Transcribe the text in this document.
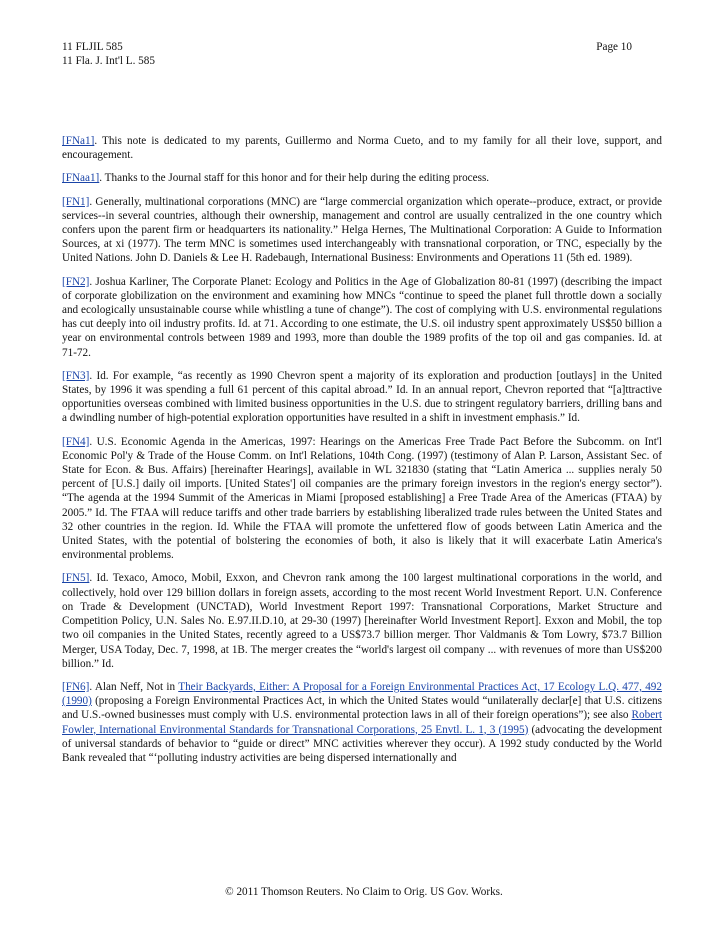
11 FLJIL 585
11 Fla. J. Int'l L. 585
Page 10

[FNa1]. This note is dedicated to my parents, Guillermo and Norma Cueto, and to my family for all their love, support, and encouragement.

[FNaa1]. Thanks to the Journal staff for this honor and for their help during the editing process.

[FN1]. Generally, multinational corporations (MNC) are “large commercial organization which operate--produce, extract, or provide services--in several countries, although their ownership, management and control are usually centralized in the one country which confers upon the parent firm or headquarters its nationality.” Helga Hernes, The Multinational Corporation: A Guide to Information Sources, at xi (1977). The term MNC is sometimes used interchangeably with transnational corporation, or TNC, especially by the United Nations. John D. Daniels & Lee H. Radebaugh, International Business: Environments and Operations 11 (5th ed. 1989).

[FN2]. Joshua Karliner, The Corporate Planet: Ecology and Politics in the Age of Globalization 80-81 (1997) (describing the impact of corporate globilization on the environment and examining how MNCs “continue to speed the planet full throttle down a socially and ecologically unsustainable course while whistling a tune of change”). The cost of complying with U.S. environmental regulations has cut deeply into oil industry profits. Id. at 71. According to one estimate, the U.S. oil industry spent approximately US$50 billion a year on environmental controls between 1989 and 1993, more than double the 1989 profits of the top oil and gas companies. Id. at 71-72.

[FN3]. Id. For example, “as recently as 1990 Chevron spent a majority of its exploration and production [outlays] in the United States, by 1996 it was spending a full 61 percent of this capital abroad.” Id. In an annual report, Chevron reported that “[a]ttractive opportunities overseas combined with limited business opportunities in the U.S. due to stringent regulatory barriers, drilling bans and a dwindling number of high-potential exploration opportunities have resulted in a shift in investment emphasis.” Id.

[FN4]. U.S. Economic Agenda in the Americas, 1997: Hearings on the Americas Free Trade Pact Before the Subcomm. on Int'l Economic Pol'y & Trade of the House Comm. on Int'l Relations, 104th Cong. (1997) (testimony of Alan P. Larson, Assistant Sec. of State for Econ. & Bus. Affairs) [hereinafter Hearings], available in WL 321830 (stating that “Latin America ... supplies neraly 50 percent of [U.S.] daily oil imports. [United States'] oil companies are the primary foreign investors in the region's energy sector”). “The agenda at the 1994 Summit of the Americas in Miami [proposed establishing] a Free Trade Area of the Americas (FTAA) by 2005.” Id. The FTAA will reduce tariffs and other trade barriers by establishing liberalized trade rules between the United States and 32 other countries in the region. Id. While the FTAA will promote the unfettered flow of goods between Latin America and the United States, with the potential of bolstering the economies of both, it also is likely that it will exacerbate Latin America's environmental problems.

[FN5]. Id. Texaco, Amoco, Mobil, Exxon, and Chevron rank among the 100 largest multinational corporations in the world, and collectively, hold over 129 billion dollars in foreign assets, according to the most recent World Investment Report. U.N. Conference on Trade & Development (UNCTAD), World Investment Report 1997: Transnational Corporations, Market Structure and Competition Policy, U.N. Sales No. E.97.II.D.10, at 29-30 (1997) [hereinafter World Investment Report]. Exxon and Mobil, the top two oil companies in the United States, recently agreed to a US$73.7 billion merger. Thor Valdmanis & Tom Lowry, $73.7 Billion Merger, USA Today, Dec. 7, 1998, at 1B. The merger creates the “world's largest oil company ... with revenues of more than US$200 billion.” Id.

[FN6]. Alan Neff, Not in Their Backyards, Either: A Proposal for a Foreign Environmental Practices Act, 17 Ecology L.Q. 477, 492 (1990) (proposing a Foreign Environmental Practices Act, in which the United States would “unilaterally declar[e] that U.S. citizens and U.S.-owned businesses must comply with U.S. environmental protection laws in all of their foreign operations”); see also Robert Fowler, International Environmental Standards for Transnational Corporations, 25 Envtl. L. 1, 3 (1995) (advocating the development of universal standards of behavior to “guide or direct” MNC activities wherever they occur). A 1992 study conducted by the World Bank revealed that “‘polluting industry activities are being dispersed internationally and

© 2011 Thomson Reuters. No Claim to Orig. US Gov. Works.
